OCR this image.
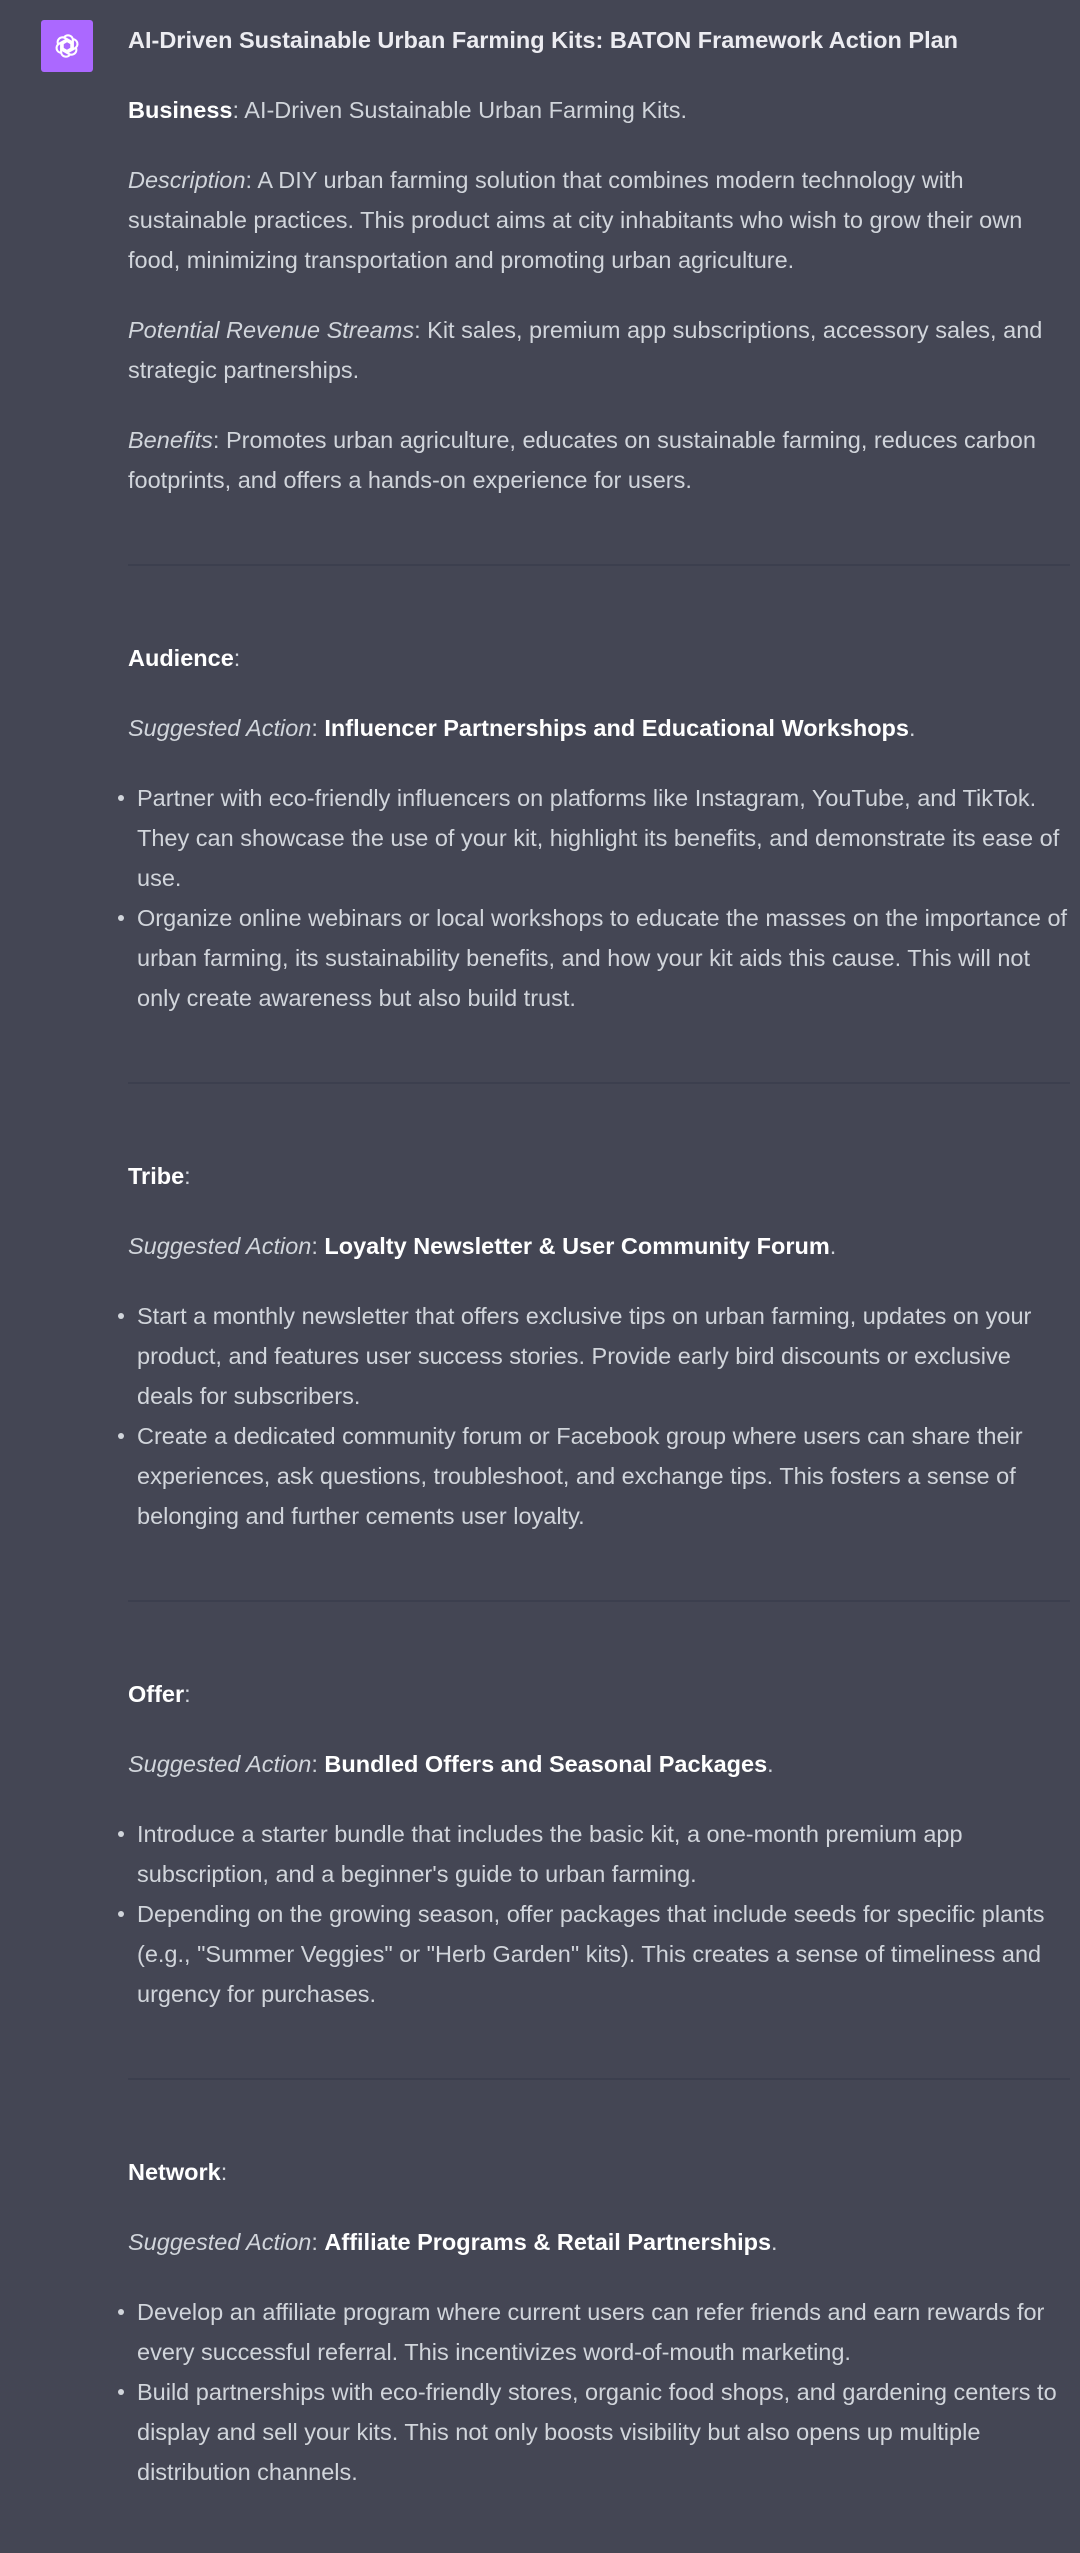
AI-Driven Sustainable Urban Farming Kits: BATON Framework Action Plan

Business: AI-Driven Sustainable Urban Farming Kits.

Description: A DIY urban farming solution that combines modern technology with sustainable practices. This product aims at city inhabitants who wish to grow their own food, minimizing transportation and promoting urban agriculture.

Potential Revenue Streams: Kit sales, premium app subscriptions, accessory sales, and strategic partnerships.

Benefits: Promotes urban agriculture, educates on sustainable farming, reduces carbon footprints, and offers a hands-on experience for users.

Audience:

Suggested Action: Influencer Partnerships and Educational Workshops.

Partner with eco-friendly influencers on platforms like Instagram, YouTube, and TikTok. They can showcase the use of your kit, highlight its benefits, and demonstrate its ease of use.
Organize online webinars or local workshops to educate the masses on the importance of urban farming, its sustainability benefits, and how your kit aids this cause. This will not only create awareness but also build trust.

Tribe:

Suggested Action: Loyalty Newsletter & User Community Forum.

Start a monthly newsletter that offers exclusive tips on urban farming, updates on your product, and features user success stories. Provide early bird discounts or exclusive deals for subscribers.
Create a dedicated community forum or Facebook group where users can share their experiences, ask questions, troubleshoot, and exchange tips. This fosters a sense of belonging and further cements user loyalty.

Offer:

Suggested Action: Bundled Offers and Seasonal Packages.

Introduce a starter bundle that includes the basic kit, a one-month premium app subscription, and a beginner's guide to urban farming.
Depending on the growing season, offer packages that include seeds for specific plants (e.g., "Summer Veggies" or "Herb Garden" kits). This creates a sense of timeliness and urgency for purchases.

Network:

Suggested Action: Affiliate Programs & Retail Partnerships.

Develop an affiliate program where current users can refer friends and earn rewards for every successful referral. This incentivizes word-of-mouth marketing.
Build partnerships with eco-friendly stores, organic food shops, and gardening centers to display and sell your kits. This not only boosts visibility but also opens up multiple distribution channels.
